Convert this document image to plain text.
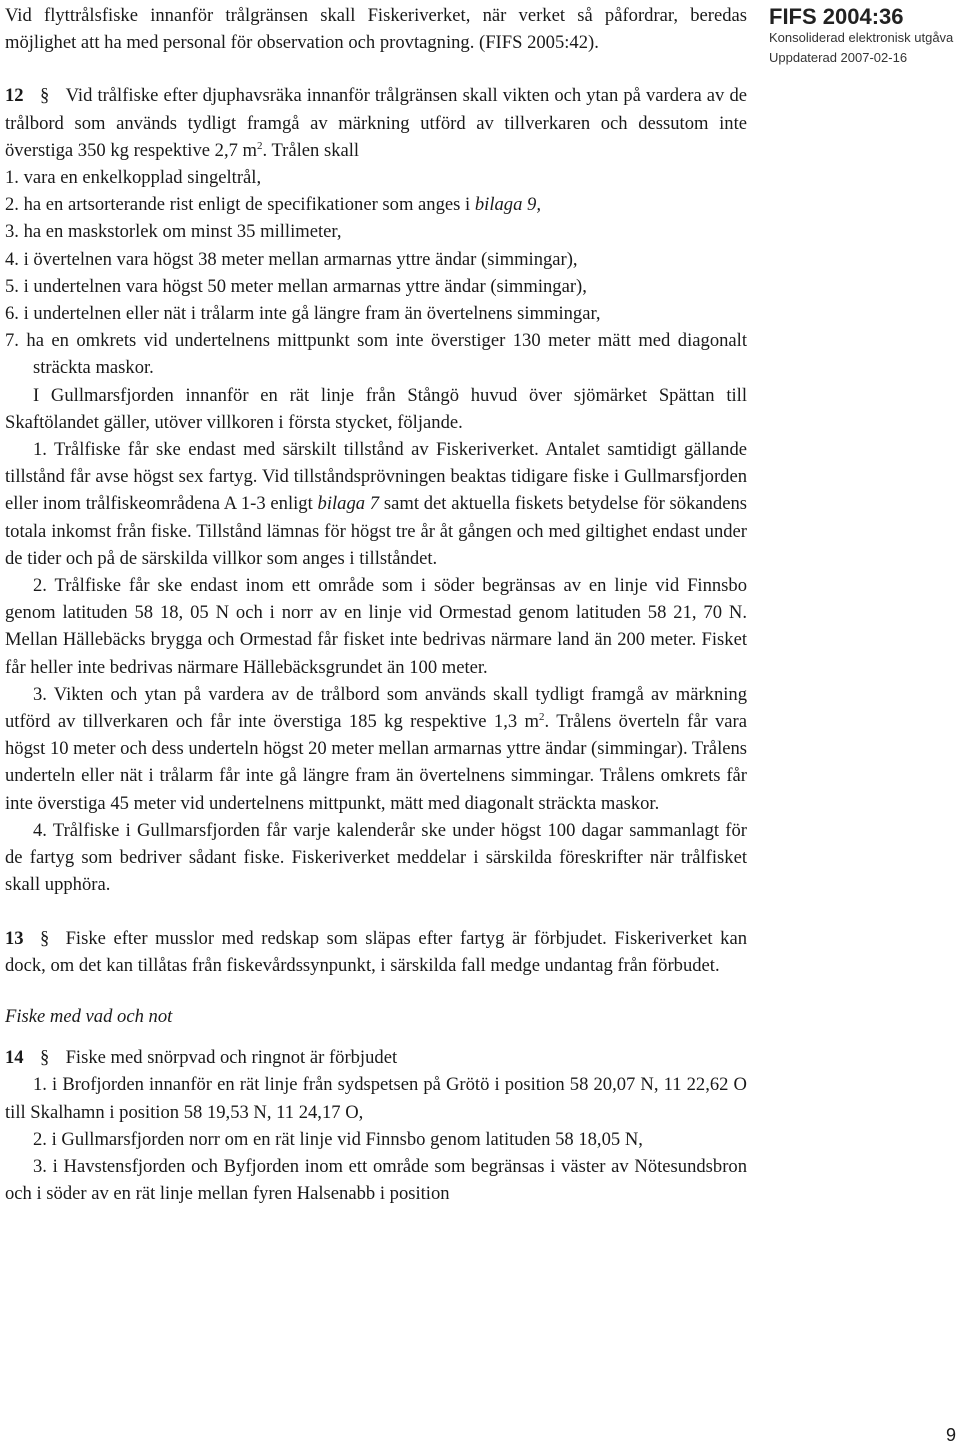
FIFS 2004:36
Konsoliderad elektronisk utgåva
Uppdaterad 2007-02-16

Vid flyttrålsfiske innanför trålgränsen skall Fiskeriverket, när verket så påfordrar, beredas möjlighet att ha med personal för observation och provtagning. (FIFS 2005:42).

12 § Vid trålfiske efter djuphavsräka innanför trålgränsen skall vikten och ytan på vardera av de trålbord som används tydligt framgå av märkning utförd av tillverkaren och dessutom inte överstiga 350 kg respektive 2,7 $m^2$. Trålen skall

1. vara en enkelkopplad singeltrål,

2. ha en artsorterande rist enligt de specifikationer som anges i bilaga 9,

3. ha en maskstorlek om minst 35 millimeter,

4. i övertelnen vara högst 38 meter mellan armarnas yttre ändar (simmingar),

5. i undertelnen vara högst 50 meter mellan armarnas yttre ändar (simmingar),

6. i undertelnen eller nät i trålarm inte gå längre fram än övertelnens simmingar,

7. ha en omkrets vid undertelnens mittpunkt som inte överstiger 130 meter mätt med diagonalt sträckta maskor.

I Gullmarsfjorden innanför en rät linje från Stångö huvud över sjömärket Spättan till Skaftölandet gäller, utöver villkoren i första stycket, följande.

1. Trålfiske får ske endast med särskilt tillstånd av Fiskeriverket. Antalet samtidigt gällande tillstånd får avse högst sex fartyg. Vid tillståndsprövningen beaktas tidigare fiske i Gullmarsfjorden eller inom trålfiskeområdena A 1-3 enligt bilaga 7 samt det aktuella fiskets betydelse för sökandens totala inkomst från fiske. Tillstånd lämnas för högst tre år åt gången och med giltighet endast under de tider och på de särskilda villkor som anges i tillståndet.

2. Trålfiske får ske endast inom ett område som i söder begränsas av en linje vid Finnsbo genom latituden 58 18, 05 N och i norr av en linje vid Ormestad genom latituden 58 21, 70 N. Mellan Hällebäcks brygga och Ormestad får fisket inte bedrivas närmare land än 200 meter. Fisket får heller inte bedrivas närmare Hällebäcksgrundet än 100 meter.

3. Vikten och ytan på vardera av de trålbord som används skall tydligt framgå av märkning utförd av tillverkaren och får inte överstiga 185 kg respektive 1,3 $m^2$. Trålens överteln får vara högst 10 meter och dess underteln högst 20 meter mellan armarnas yttre ändar (simmingar). Trålens underteln eller nät i trålarm får inte gå längre fram än övertelnens simmingar. Trålens omkrets får inte överstiga 45 meter vid undertelnens mittpunkt, mätt med diagonalt sträckta maskor.

4. Trålfiske i Gullmarsfjorden får varje kalenderår ske under högst 100 dagar sammanlagt för de fartyg som bedriver sådant fiske. Fiskeriverket meddelar i särskilda föreskrifter när trålfisket skall upphöra.

13 § Fiske efter musslor med redskap som släpas efter fartyg är förbjudet. Fiskeriverket kan dock, om det kan tillåtas från fiskevårdssynpunkt, i särskilda fall medge undantag från förbudet.

Fiske med vad och not

14 § Fiske med snörpvad och ringnot är förbjudet

1. i Brofjorden innanför en rät linje från sydspetsen på Grötö i position 58 20,07 N, 11 22,62 O till Skalhamn i position 58 19,53 N, 11 24,17 O,

2. i Gullmarsfjorden norr om en rät linje vid Finnsbo genom latituden 58 18,05 N,

3. i Havstensfjorden och Byfjorden inom ett område som begränsas i väster av Nötesundsbron och i söder av en rät linje mellan fyren Halsenabb i position

9
